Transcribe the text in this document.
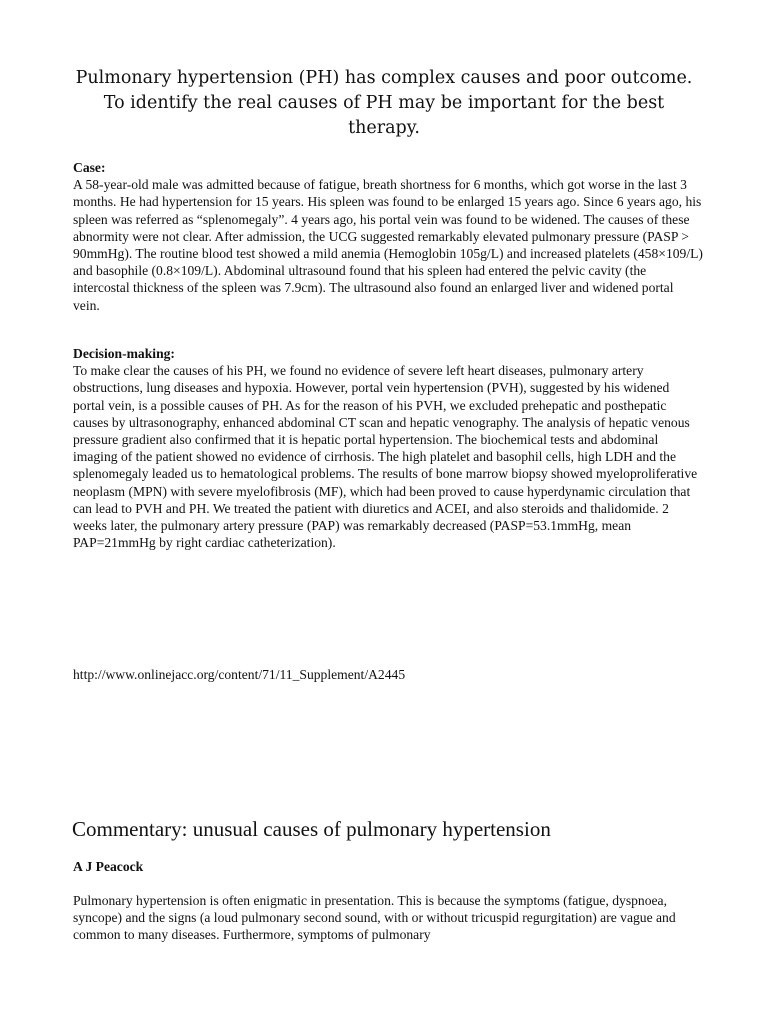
Pulmonary hypertension (PH) has complex causes and poor outcome. To identify the real causes of PH may be important for the best therapy.

Case:

A 58-year-old male was admitted because of fatigue, breath shortness for 6 months, which got worse in the last 3 months. He had hypertension for 15 years. His spleen was found to be enlarged 15 years ago. Since 6 years ago, his spleen was referred as “splenomegaly”. 4 years ago, his portal vein was found to be widened. The causes of these abnormity were not clear. After admission, the UCG suggested remarkably elevated pulmonary pressure (PASP > 90mmHg). The routine blood test showed a mild anemia (Hemoglobin 105g/L) and increased platelets (458×109/L) and basophile (0.8×109/L). Abdominal ultrasound found that his spleen had entered the pelvic cavity (the intercostal thickness of the spleen was 7.9cm). The ultrasound also found an enlarged liver and widened portal vein.

Decision-making:

To make clear the causes of his PH, we found no evidence of severe left heart diseases, pulmonary artery obstructions, lung diseases and hypoxia. However, portal vein hypertension (PVH), suggested by his widened portal vein, is a possible causes of PH. As for the reason of his PVH, we excluded prehepatic and posthepatic causes by ultrasonography, enhanced abdominal CT scan and hepatic venography. The analysis of hepatic venous pressure gradient also confirmed that it is hepatic portal hypertension. The biochemical tests and abdominal imaging of the patient showed no evidence of cirrhosis. The high platelet and basophil cells, high LDH and the splenomegaly leaded us to hematological problems. The results of bone marrow biopsy showed myeloproliferative neoplasm (MPN) with severe myelofibrosis (MF), which had been proved to cause hyperdynamic circulation that can lead to PVH and PH. We treated the patient with diuretics and ACEI, and also steroids and thalidomide. 2 weeks later, the pulmonary artery pressure (PAP) was remarkably decreased (PASP=53.1mmHg, mean PAP=21mmHg by right cardiac catheterization).

http://www.onlinejacc.org/content/71/11_Supplement/A2445

Commentary: unusual causes of pulmonary hypertension

A J Peacock

Pulmonary hypertension is often enigmatic in presentation. This is because the symptoms (fatigue, dyspnoea, syncope) and the signs (a loud pulmonary second sound, with or without tricuspid regurgitation) are vague and common to many diseases. Furthermore, symptoms of pulmonary
